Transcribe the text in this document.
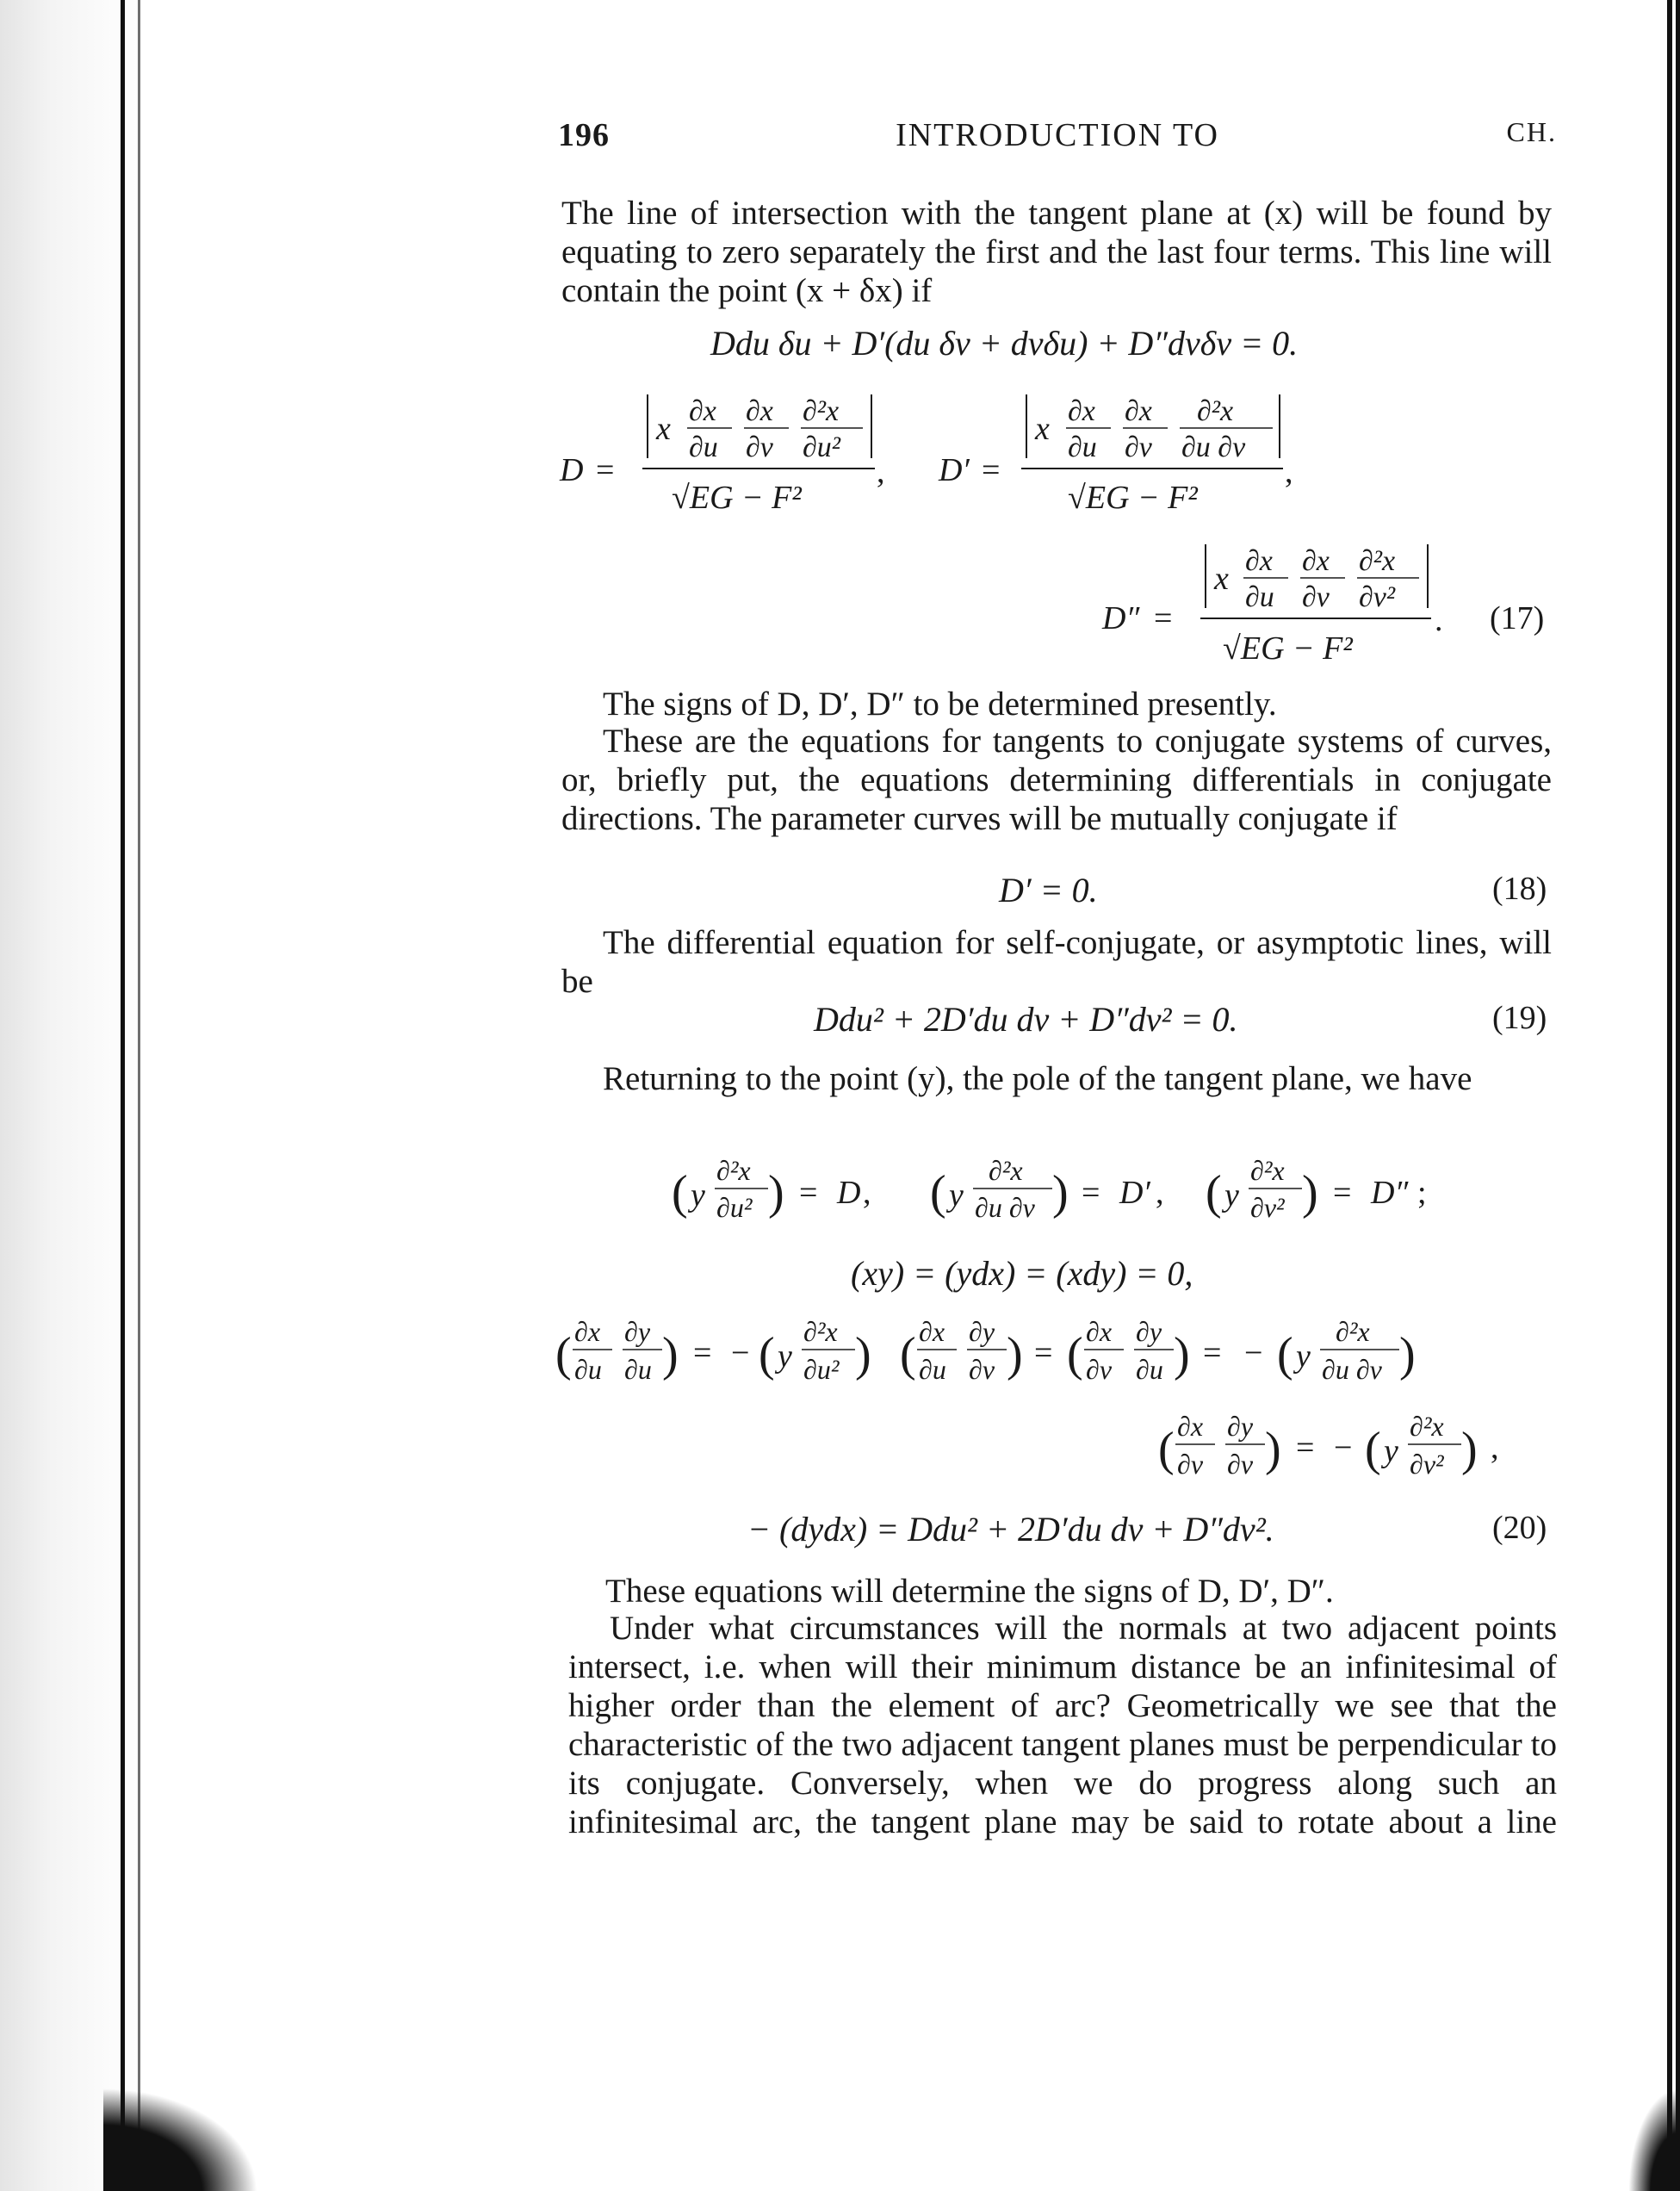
196	INTRODUCTION TO	CH.
The line of intersection with the tangent plane at (x) will be found by equating to zero separately the first and the last four terms. This line will contain the point (x + δx) if
Ddu δu + D′(du δv + dvδu) + D″dvδv = 0.
D =
x ∂x
∂u
∂x
∂v
∂²x
∂u²
√EG − F²
, D′ =
x ∂x
∂u
∂x
∂v
∂²x
∂u ∂v
√EG − F²
,
D″ =
x ∂x
∂u
∂x
∂v
∂²x
∂v²
√EG − F²
. (17)
The signs of D, D′, D″ to be determined presently.
These are the equations for tangents to conjugate systems of curves, or, briefly put, the equations determining differentials in conjugate directions. The parameter curves will be mutually conjugate if
D′ = 0.	(18)
The differential equation for self-conjugate, or asymptotic lines, will be
Ddu² + 2D′du dv + D″dv² = 0.	(19)
Returning to the point (y), the pole of the tangent plane, we have
( y
∂²x
∂u² ) = D , ( y
∂²x
∂u ∂v ) = D′ , ( y
∂²x
∂v² ) = D″ ;
(xy) = (ydx) = (xdy) = 0,
( ∂x
∂u
∂y
∂u ) = − ( y
∂²x
∂u² ) ( ∂x
∂u
∂y
∂v ) = ( ∂x
∂v
∂y
∂u ) = − ( y
∂²x
∂u ∂v )
( ∂x
∂v
∂y
∂v ) = − ( y
∂²x
∂v² ) ,
− (dydx) = Ddu² + 2D′du dv + D″dv².	(20)
These equations will determine the signs of D, D′, D″.
Under what circumstances will the normals at two adjacent points intersect, i.e. when will their minimum distance be an infinitesimal of higher order than the element of arc? Geometrically we see that the characteristic of the two adjacent tangent planes must be perpendicular to its conjugate. Conversely, when we do progress along such an infinitesimal arc, the tangent plane may be said to rotate about a line
